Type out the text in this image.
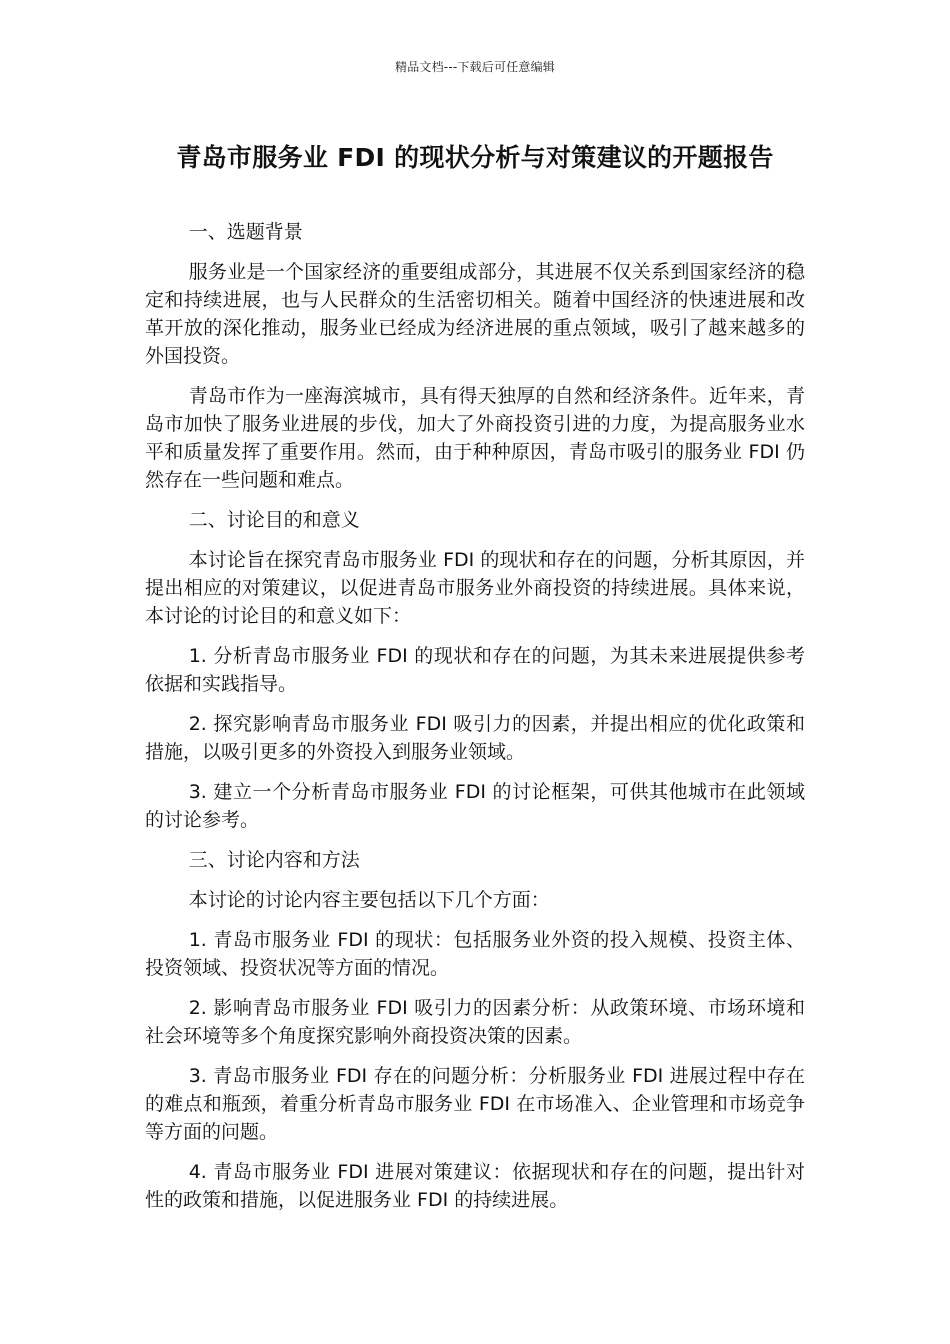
精品文档---下载后可任意编辑
青岛市服务业 FDI 的现状分析与对策建议的开题报告

一、选题背景

服务业是一个国家经济的重要组成部分，其进展不仅关系到国家经济的稳定和持续进展，也与人民群众的生活密切相关。随着中国经济的快速进展和改革开放的深化推动，服务业已经成为经济进展的重点领域，吸引了越来越多的外国投资。

青岛市作为一座海滨城市，具有得天独厚的自然和经济条件。近年来，青岛市加快了服务业进展的步伐，加大了外商投资引进的力度，为提高服务业水平和质量发挥了重要作用。然而，由于种种原因，青岛市吸引的服务业 FDI 仍然存在一些问题和难点。

二、讨论目的和意义

本讨论旨在探究青岛市服务业 FDI 的现状和存在的问题，分析其原因，并提出相应的对策建议，以促进青岛市服务业外商投资的持续进展。具体来说，本讨论的讨论目的和意义如下：

1. 分析青岛市服务业 FDI 的现状和存在的问题，为其未来进展提供参考依据和实践指导。

2. 探究影响青岛市服务业 FDI 吸引力的因素，并提出相应的优化政策和措施，以吸引更多的外资投入到服务业领域。

3. 建立一个分析青岛市服务业 FDI 的讨论框架，可供其他城市在此领域的讨论参考。

三、讨论内容和方法

本讨论的讨论内容主要包括以下几个方面：

1. 青岛市服务业 FDI 的现状：包括服务业外资的投入规模、投资主体、投资领域、投资状况等方面的情况。

2. 影响青岛市服务业 FDI 吸引力的因素分析：从政策环境、市场环境和社会环境等多个角度探究影响外商投资决策的因素。

3. 青岛市服务业 FDI 存在的问题分析：分析服务业 FDI 进展过程中存在的难点和瓶颈，着重分析青岛市服务业 FDI 在市场准入、企业管理和市场竞争等方面的问题。

4. 青岛市服务业 FDI 进展对策建议：依据现状和存在的问题，提出针对性的政策和措施，以促进服务业 FDI 的持续进展。
